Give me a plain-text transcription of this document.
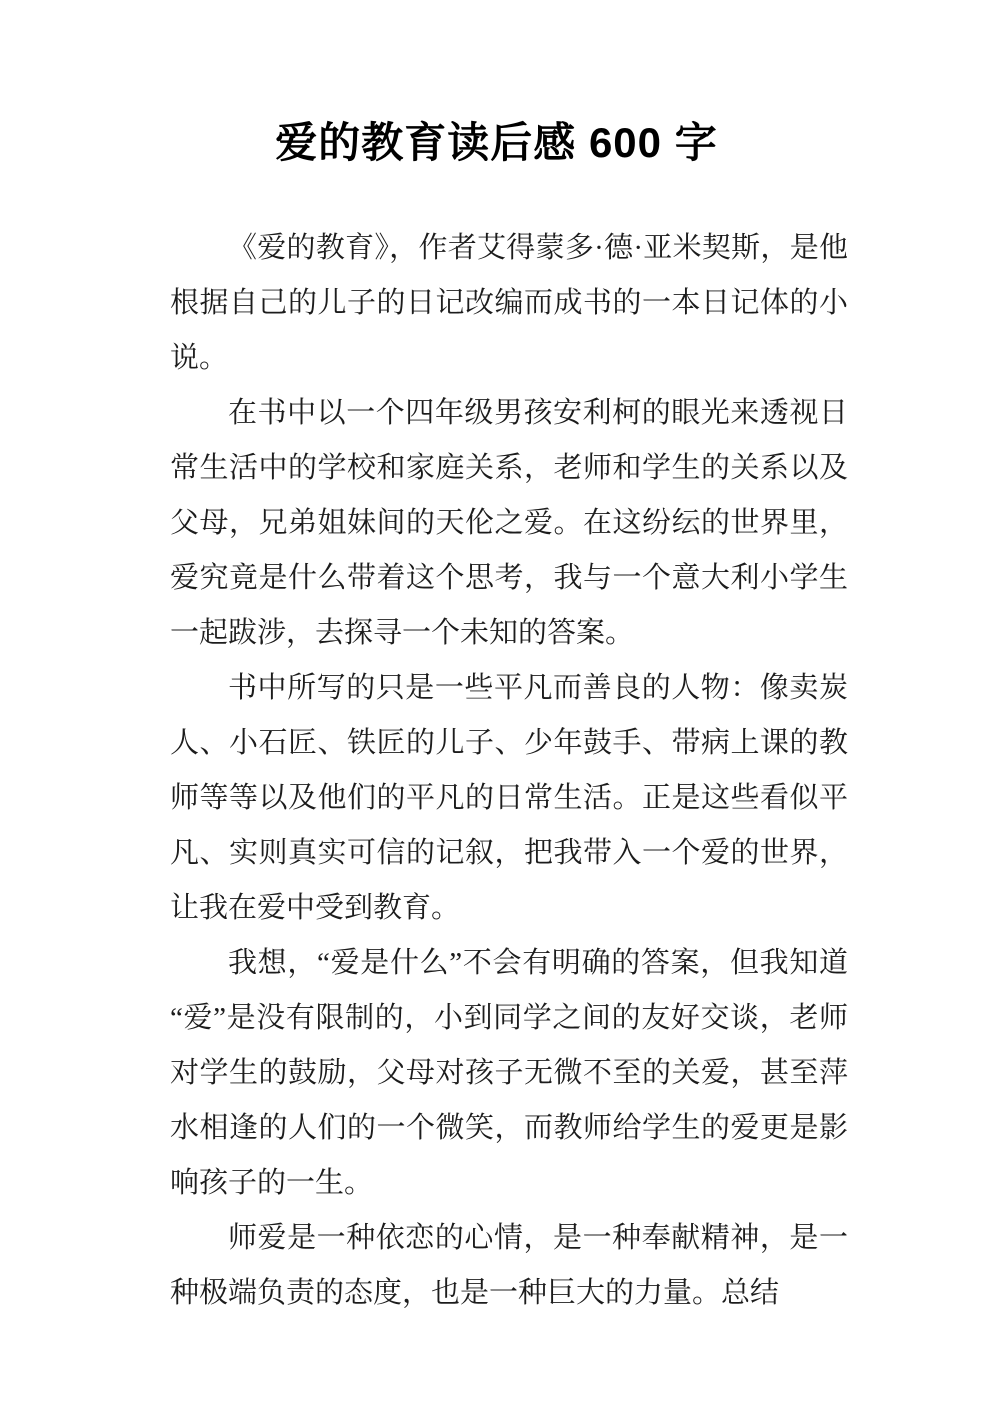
爱的教育读后感 600 字

《爱的教育》，作者艾得蒙多·德·亚米契斯，是他根据自己的儿子的日记改编而成书的一本日记体的小说。

在书中以一个四年级男孩安利柯的眼光来透视日常生活中的学校和家庭关系，老师和学生的关系以及父母，兄弟姐妹间的天伦之爱。在这纷纭的世界里，爱究竟是什么带着这个思考，我与一个意大利小学生一起跋涉，去探寻一个未知的答案。

书中所写的只是一些平凡而善良的人物：像卖炭人、小石匠、铁匠的儿子、少年鼓手、带病上课的教师等等以及他们的平凡的日常生活。正是这些看似平凡、实则真实可信的记叙，把我带入一个爱的世界，让我在爱中受到教育。

我想，“爱是什么”不会有明确的答案，但我知道“爱”是没有限制的，小到同学之间的友好交谈，老师对学生的鼓励，父母对孩子无微不至的关爱，甚至萍水相逢的人们的一个微笑，而教师给学生的爱更是影响孩子的一生。

师爱是一种依恋的心情，是一种奉献精神，是一种极端负责的态度，也是一种巨大的力量。总结
